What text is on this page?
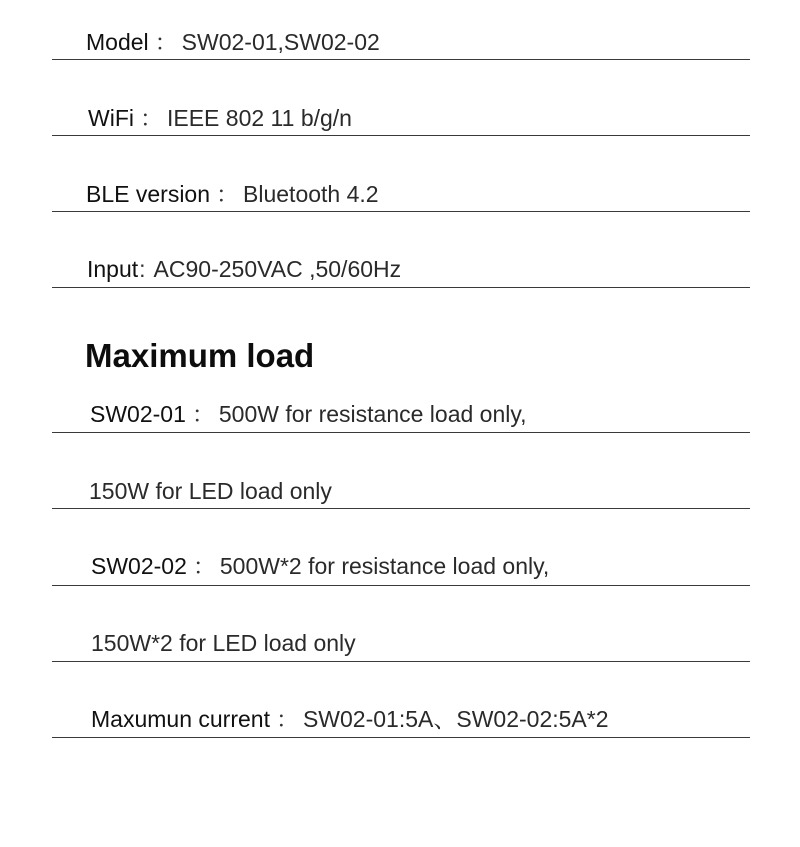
Model ： SW02-01,SW02-02
WiFi ： IEEE 802 11 b/g/n
BLE version ： Bluetooth 4.2
Input: AC90-250VAC ,50/60Hz
Maximum load
SW02-01 ： 500W for resistance load only,
150W for LED load only
SW02-02 ： 500W*2 for resistance load only,
150W*2 for LED load only
Maxumun current ： SW02-01:5A、SW02-02:5A*2
